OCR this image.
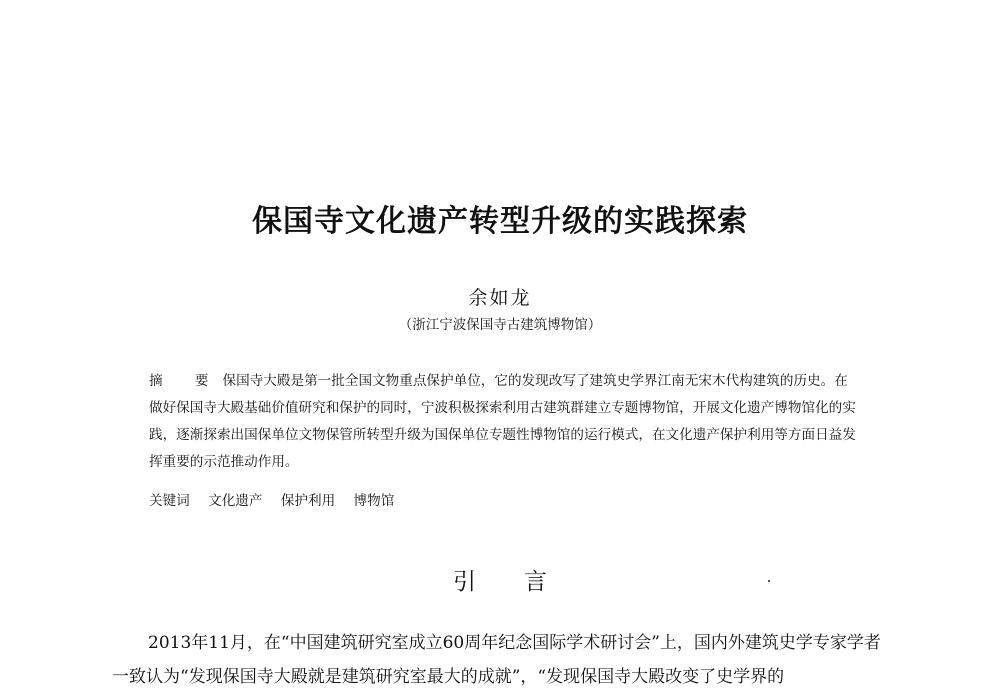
保国寺文化遗产转型升级的实践探索
余如龙
（浙江宁波保国寺古建筑博物馆）

摘 要保国寺大殿是第一批全国文物重点保护单位，它的发现改写了建筑史学界江南无宋木代构建筑的历史。在做好保国寺大殿基础价值研究和保护的同时，宁波积极探索利用古建筑群建立专题博物馆，开展文化遗产博物馆化的实践，逐渐探索出国保单位文物保管所转型升级为国保单位专题性博物馆的运行模式，在文化遗产保护利用等方面日益发挥重要的示范推动作用。

关键词 文化遗产 保护利用 博物馆
引 言

2013年11月，在“中国建筑研究室成立60周年纪念国际学术研讨会”上，国内外建筑史学专家学者一致认为“发现保国寺大殿就是建筑研究室最大的成就”，“发现保国寺大殿改变了史学界的
